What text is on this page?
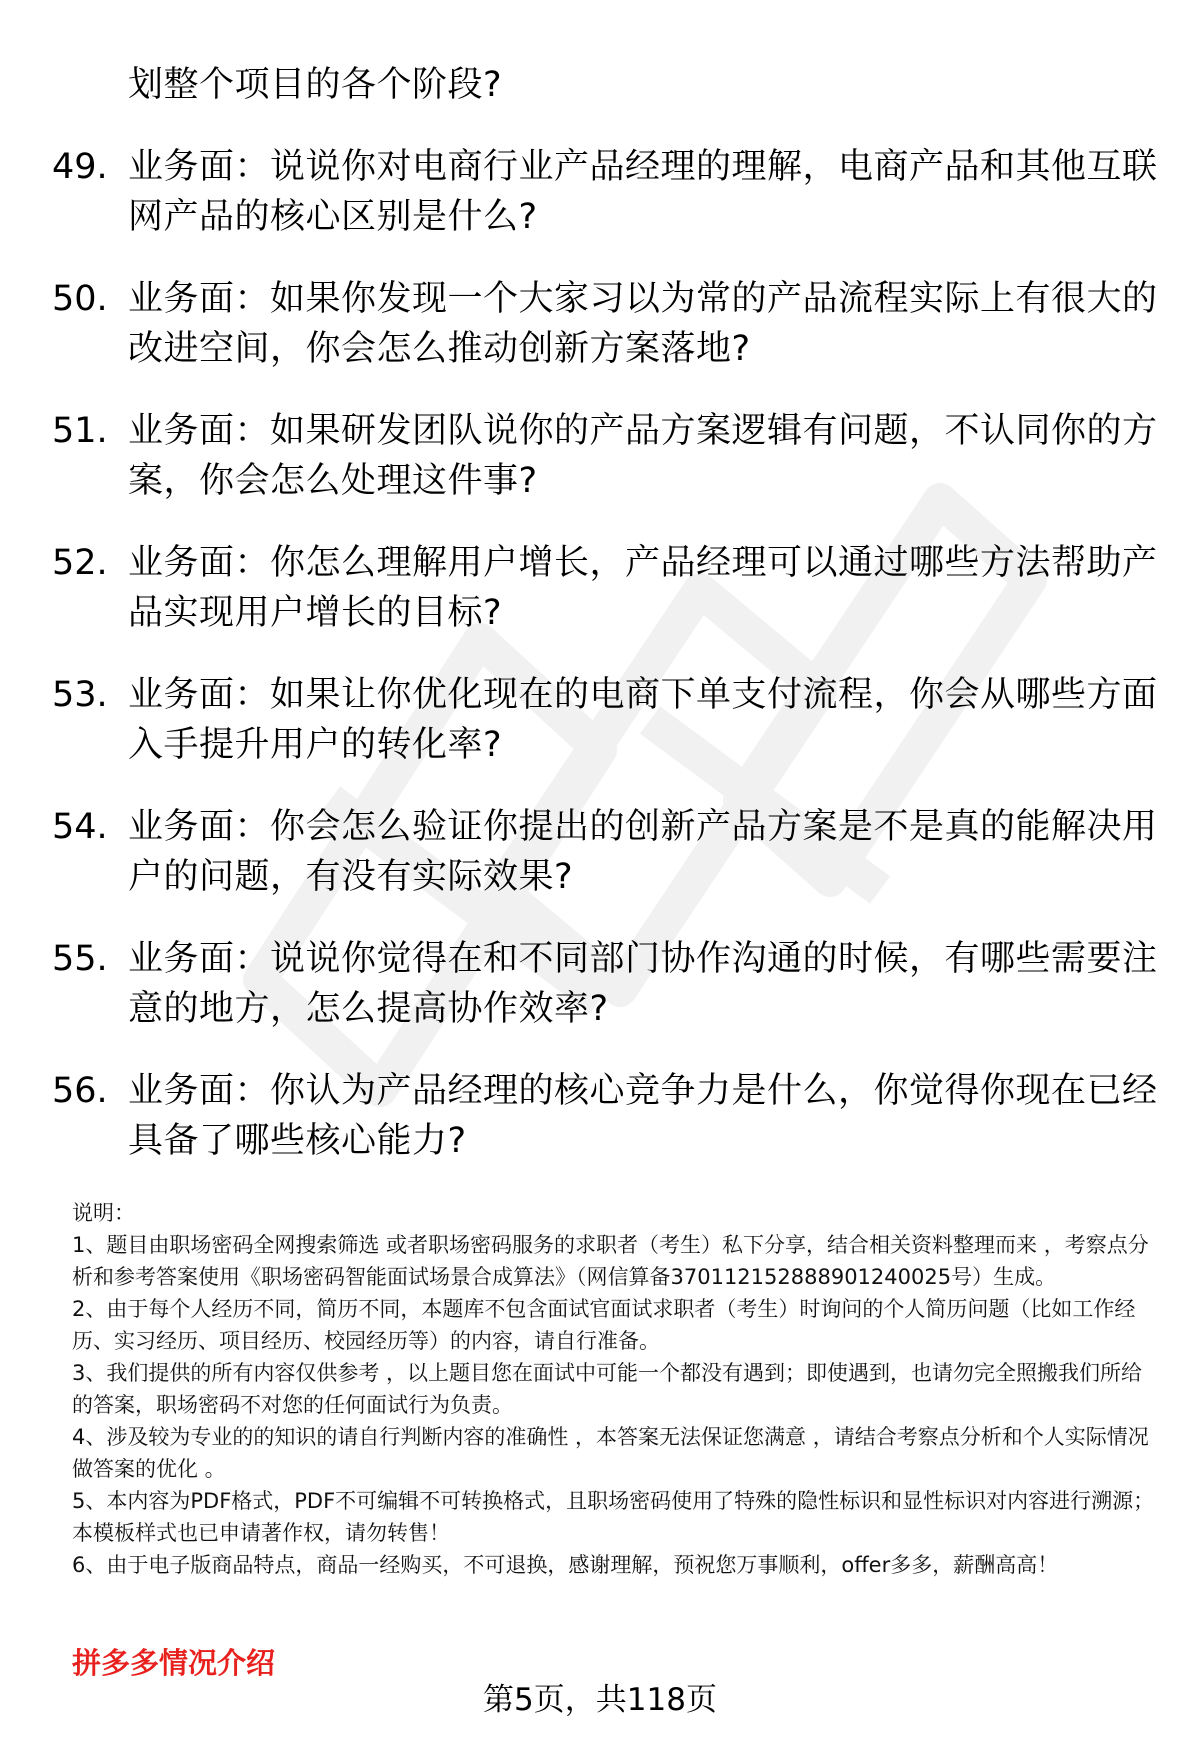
划整个项目的各个阶段?
49. 业务面：说说你对电商行业产品经理的理解，电商产品和其他互联网产品的核心区别是什么?
50. 业务面：如果你发现一个大家习以为常的产品流程实际上有很大的改进空间，你会怎么推动创新方案落地?
51. 业务面：如果研发团队说你的产品方案逻辑有问题，不认同你的方案，你会怎么处理这件事?
52. 业务面：你怎么理解用户增长，产品经理可以通过哪些方法帮助产品实现用户增长的目标?
53. 业务面：如果让你优化现在的电商下单支付流程，你会从哪些方面入手提升用户的转化率?
54. 业务面：你会怎么验证你提出的创新产品方案是不是真的能解决用户的问题，有没有实际效果?
55. 业务面：说说你觉得在和不同部门协作沟通的时候，有哪些需要注意的地方，怎么提高协作效率?
56. 业务面：你认为产品经理的核心竞争力是什么，你觉得你现在已经具备了哪些核心能力?

说明：

1、题目由职场密码全网搜索筛选 或者职场密码服务的求职者（考生）私下分享，结合相关资料整理而来 ，考察点分析和参考答案使用《职场密码智能面试场景合成算法》（网信算备370112152888901240025号）生成。

2、由于每个人经历不同，简历不同，本题库不包含面试官面试求职者（考生）时询问的个人简历问题（比如工作经历、实习经历、项目经历、校园经历等）的内容，请自行准备。

3、我们提供的所有内容仅供参考 ，以上题目您在面试中可能一个都没有遇到；即使遇到，也请勿完全照搬我们所给的答案，职场密码不对您的任何面试行为负责。

4、涉及较为专业的的知识的请自行判断内容的准确性 ，本答案无法保证您满意 ，请结合考察点分析和个人实际情况做答案的优化 。

5、本内容为PDF格式，PDF不可编辑不可转换格式，且职场密码使用了特殊的隐性标识和显性标识对内容进行溯源；本模板样式也已申请著作权，请勿转售！

6、由于电子版商品特点，商品一经购买，不可退换，感谢理解，预祝您万事顺利，offer多多，薪酬高高！

拼多多情况介绍
第5页，共118页
